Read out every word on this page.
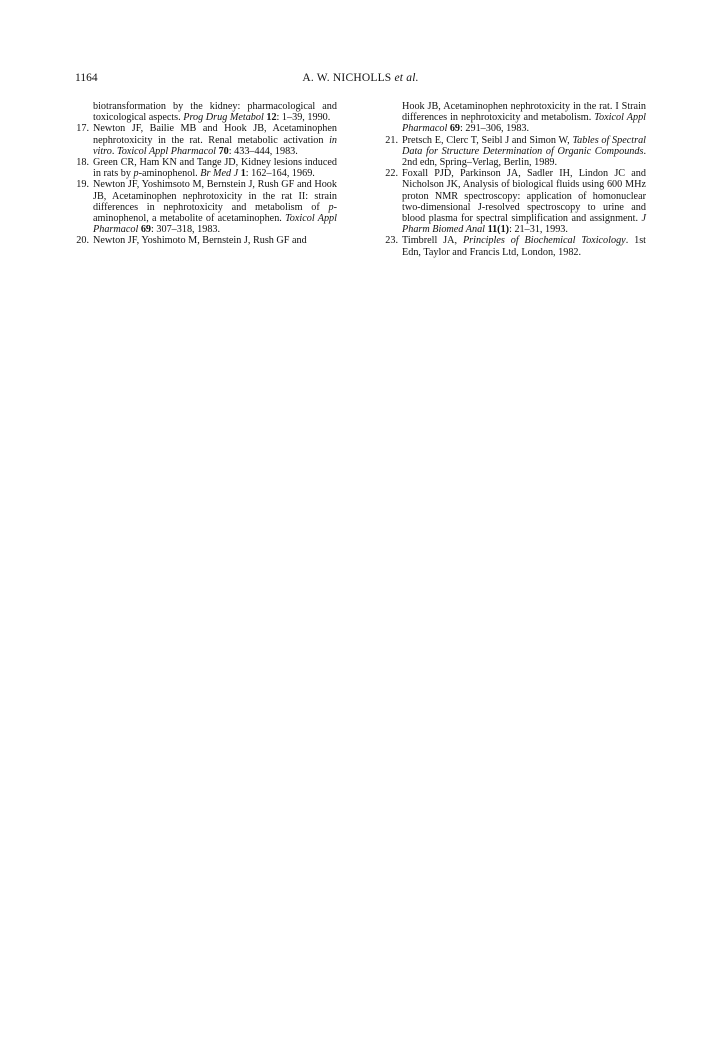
1164	A. W. NICHOLLS et al.

biotransformation by the kidney: pharmacological and toxicological aspects. Prog Drug Metabol 12: 1–39, 1990.

17. Newton JF, Bailie MB and Hook JB, Acetaminophen nephrotoxicity in the rat. Renal metabolic activation in vitro. Toxicol Appl Pharmacol 70: 433–444, 1983.

18. Green CR, Ham KN and Tange JD, Kidney lesions induced in rats by p-aminophenol. Br Med J 1: 162–164, 1969.

19. Newton JF, Yoshimsoto M, Bernstein J, Rush GF and Hook JB, Acetaminophen nephrotoxicity in the rat II: strain differences in nephrotoxicity and metabolism of p-aminophenol, a metabolite of acetaminophen. Toxicol Appl Pharmacol 69: 307–318, 1983.

20. Newton JF, Yoshimoto M, Bernstein J, Rush GF and

Hook JB, Acetaminophen nephrotoxicity in the rat. I Strain differences in nephrotoxicity and metabolism. Toxicol Appl Pharmacol 69: 291–306, 1983.

21. Pretsch E, Clerc T, Seibl J and Simon W, Tables of Spectral Data for Structure Determination of Organic Compounds. 2nd edn, Spring–Verlag, Berlin, 1989.

22. Foxall PJD, Parkinson JA, Sadler IH, Lindon JC and Nicholson JK, Analysis of biological fluids using 600 MHz proton NMR spectroscopy: application of homonuclear two-dimensional J-resolved spectroscopy to urine and blood plasma for spectral simplification and assignment. J Pharm Biomed Anal 11(1): 21–31, 1993.

23. Timbrell JA, Principles of Biochemical Toxicology. 1st Edn, Taylor and Francis Ltd, London, 1982.
